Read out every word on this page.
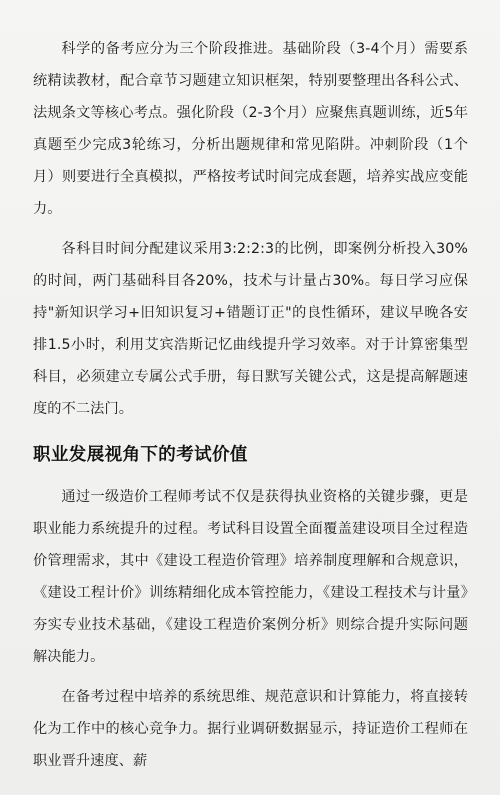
科学的备考应分为三个阶段推进。基础阶段（3-4个月）需要系统精读教材，配合章节习题建立知识框架，特别要整理出各科公式、法规条文等核心考点。强化阶段（2-3个月）应聚焦真题训练，近5年真题至少完成3轮练习，分析出题规律和常见陷阱。冲刺阶段（1个月）则要进行全真模拟，严格按考试时间完成套题，培养实战应变能力。

各科目时间分配建议采用3:2:2:3的比例，即案例分析投入30%的时间，两门基础科目各20%，技术与计量占30%。每日学习应保持"新知识学习+旧知识复习+错题订正"的良性循环，建议早晚各安排1.5小时，利用艾宾浩斯记忆曲线提升学习效率。对于计算密集型科目，必须建立专属公式手册，每日默写关键公式，这是提高解题速度的不二法门。

职业发展视角下的考试价值

通过一级造价工程师考试不仅是获得执业资格的关键步骤，更是职业能力系统提升的过程。考试科目设置全面覆盖建设项目全过程造价管理需求，其中《建设工程造价管理》培养制度理解和合规意识，《建设工程计价》训练精细化成本管控能力，《建设工程技术与计量》夯实专业技术基础，《建设工程造价案例分析》则综合提升实际问题解决能力。

在备考过程中培养的系统思维、规范意识和计算能力，将直接转化为工作中的核心竞争力。据行业调研数据显示，持证造价工程师在职业晋升速度、薪
